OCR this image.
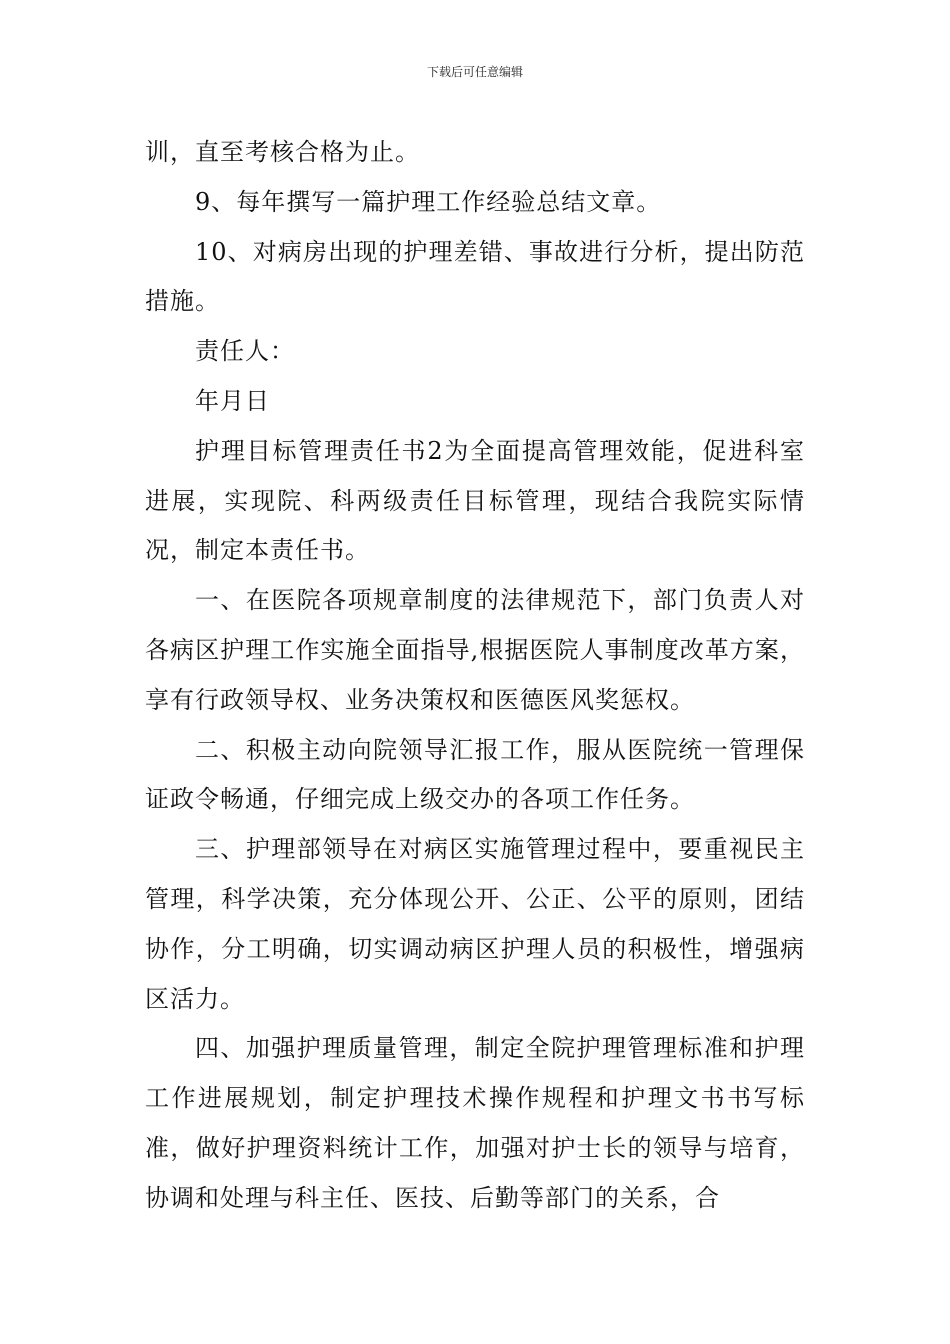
下载后可任意编辑

训，直至考核合格为止。

9、每年撰写一篇护理工作经验总结文章。

10、对病房出现的护理差错、事故进行分析，提出防范措施。

责任人：

年月日

护理目标管理责任书2为全面提高管理效能，促进科室进展，实现院、科两级责任目标管理，现结合我院实际情况，制定本责任书。

一、在医院各项规章制度的法律规范下，部门负责人对各病区护理工作实施全面指导,根据医院人事制度改革方案，享有行政领导权、业务决策权和医德医风奖惩权。

二、积极主动向院领导汇报工作，服从医院统一管理保证政令畅通，仔细完成上级交办的各项工作任务。

三、护理部领导在对病区实施管理过程中，要重视民主管理，科学决策，充分体现公开、公正、公平的原则，团结协作，分工明确，切实调动病区护理人员的积极性，增强病区活力。

四、加强护理质量管理，制定全院护理管理标准和护理工作进展规划，制定护理技术操作规程和护理文书书写标准，做好护理资料统计工作，加强对护士长的领导与培育，协调和处理与科主任、医技、后勤等部门的关系，合
